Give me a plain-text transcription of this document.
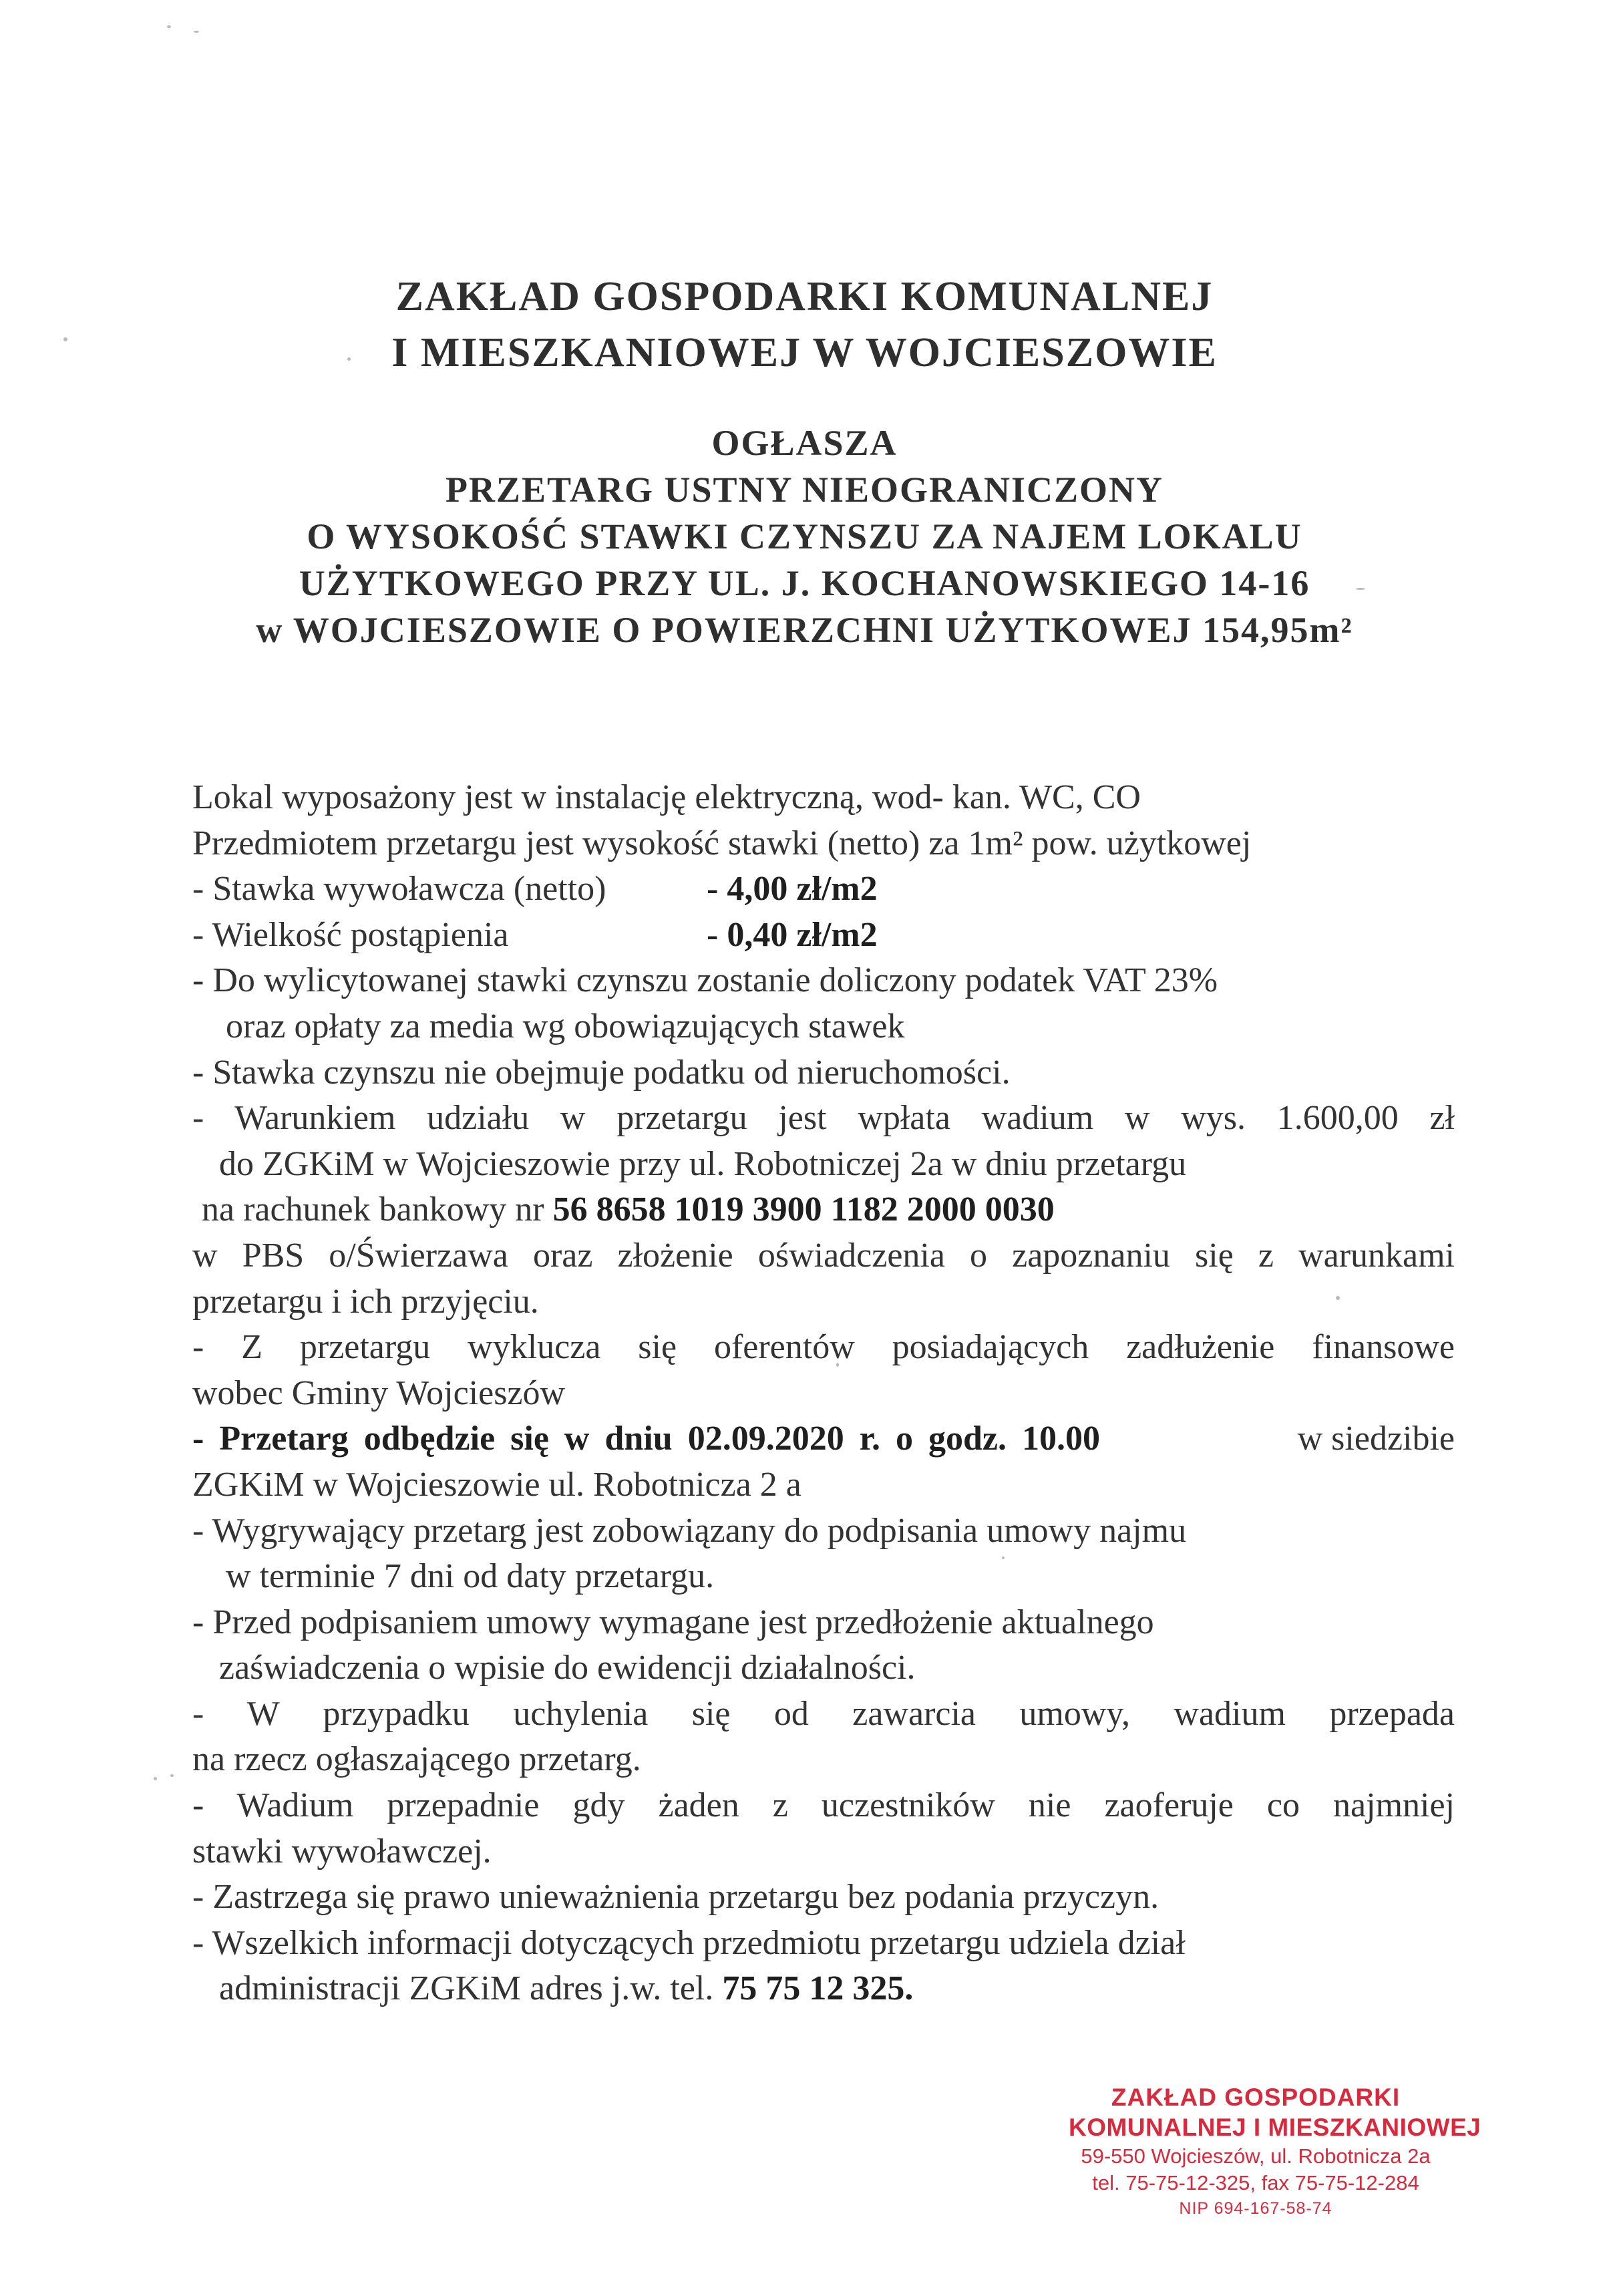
ZAKŁAD GOSPODARKI KOMUNALNEJ
I MIESZKANIOWEJ W WOJCIESZOWIE
OGŁASZA
PRZETARG USTNY NIEOGRANICZONY
O WYSOKOŚĆ STAWKI CZYNSZU ZA NAJEM LOKALU
UŻYTKOWEGO PRZY UL. J. KOCHANOWSKIEGO 14-16
w WOJCIESZOWIE O POWIERZCHNI UŻYTKOWEJ 154,95m²
Lokal wyposażony jest w instalację elektryczną, wod- kan. WC, CO
Przedmiotem przetargu jest wysokość stawki (netto) za 1m² pow. użytkowej
- Stawka wywoławcza (netto)	- 4,00 zł/m2
- Wielkość postąpienia	- 0,40 zł/m2
- Do wylicytowanej stawki czynszu zostanie doliczony podatek VAT 23%
oraz opłaty za media wg obowiązujących stawek
- Stawka czynszu nie obejmuje podatku od nieruchomości.
- Warunkiem udziału w przetargu jest wpłata wadium w wys. 1.600,00 zł
do ZGKiM w Wojcieszowie przy ul. Robotniczej 2a w dniu przetargu
na rachunek bankowy nr 56 8658 1019 3900 1182 2000 0030
w PBS o/Świerzawa oraz złożenie oświadczenia o zapoznaniu się z warunkami
przetargu i ich przyjęciu.
- Z przetargu wyklucza się oferentów posiadających zadłużenie finansowe
wobec Gminy Wojcieszów
- Przetarg odbędzie się w dniu 02.09.2020 r. o godz. 10.00	w siedzibie
ZGKiM w Wojcieszowie ul. Robotnicza 2 a
- Wygrywający przetarg jest zobowiązany do podpisania umowy najmu
w terminie 7 dni od daty przetargu.
- Przed podpisaniem umowy wymagane jest przedłożenie aktualnego
zaświadczenia o wpisie do ewidencji działalności.
- W przypadku uchylenia się od zawarcia umowy, wadium przepada
na rzecz ogłaszającego przetarg.
- Wadium przepadnie gdy żaden z uczestników nie zaoferuje co najmniej
stawki wywoławczej.
- Zastrzega się prawo unieważnienia przetargu bez podania przyczyn.
- Wszelkich informacji dotyczących przedmiotu przetargu udziela dział
administracji ZGKiM adres j.w. tel. 75 75 12 325.
ZAKŁAD GOSPODARKI
KOMUNALNEJ I MIESZKANIOWEJ
59-550 Wojcieszów, ul. Robotnicza 2a
tel. 75-75-12-325, fax 75-75-12-284
NIP 694-167-58-74
